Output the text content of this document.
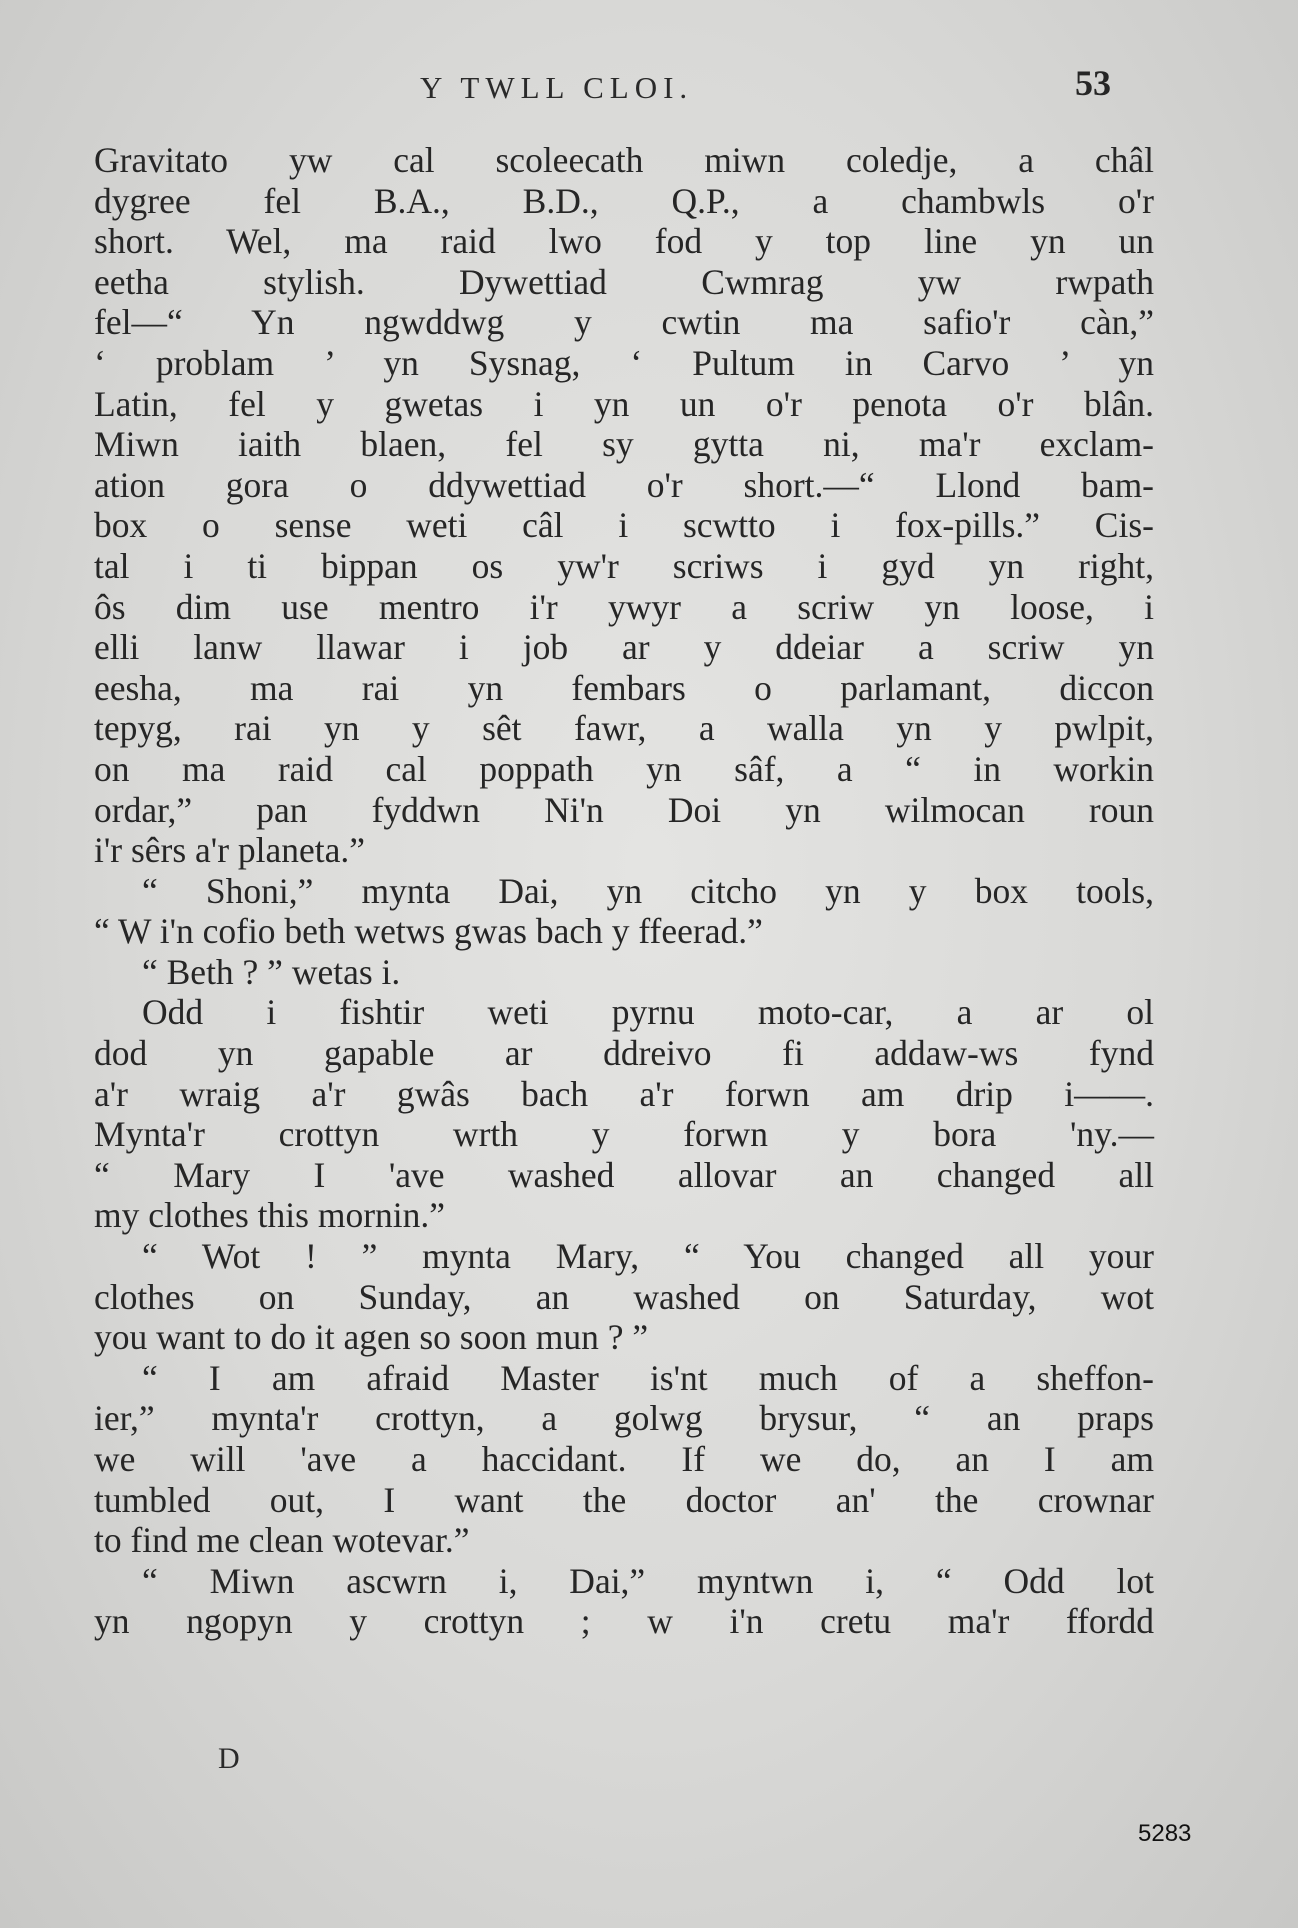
Y TWLL CLOI.	53
Gravitato yw cal scoleecath miwn coledje, a châl
dygree fel B.A., B.D., Q.P., a chambwls o'r
short. Wel, ma raid lwo fod y top line yn un
eetha stylish. Dywettiad Cwmrag yw rwpath
fel—“ Yn ngwddwg y cwtin ma safio'r càn,”
‘ problam ’ yn Sysnag, ‘ Pultum in Carvo ’ yn
Latin, fel y gwetas i yn un o'r penota o'r blân.
Miwn iaith blaen, fel sy gytta ni, ma'r exclam-
ation gora o ddywettiad o'r short.—“ Llond bam-
box o sense weti câl i scwtto i fox-pills.” Cis-
tal i ti bippan os yw'r scriws i gyd yn right,
ôs dim use mentro i'r ywyr a scriw yn loose, i
elli lanw llawar i job ar y ddeiar a scriw yn
eesha, ma rai yn fembars o parlamant, diccon
tepyg, rai yn y sêt fawr, a walla yn y pwlpit,
on ma raid cal poppath yn sâf, a “ in workin
ordar,” pan fyddwn Ni'n Doi yn wilmocan roun
i'r sêrs a'r planeta.”
“ Shoni,” mynta Dai, yn citcho yn y box tools,
“ W i'n cofio beth wetws gwas bach y ffeerad.”
“ Beth ? ” wetas i.
Odd i fishtir weti pyrnu moto-car, a ar ol
dod yn gapable ar ddreivo fi addaw-ws fynd
a'r wraig a'r gwâs bach a'r forwn am drip i——.
Mynta'r crottyn wrth y forwn y bora 'ny.—
“ Mary I 'ave washed allovar an changed all
my clothes this mornin.”
“ Wot ! ” mynta Mary, “ You changed all your
clothes on Sunday, an washed on Saturday, wot
you want to do it agen so soon mun ? ”
“ I am afraid Master is'nt much of a sheffon-
ier,” mynta'r crottyn, a golwg brysur, “ an praps
we will 'ave a haccidant. If we do, an I am
tumbled out, I want the doctor an' the crownar
to find me clean wotevar.”
“ Miwn ascwrn i, Dai,” myntwn i, “ Odd lot
yn ngopyn y crottyn ; w i'n cretu ma'r ffordd
D
5283
